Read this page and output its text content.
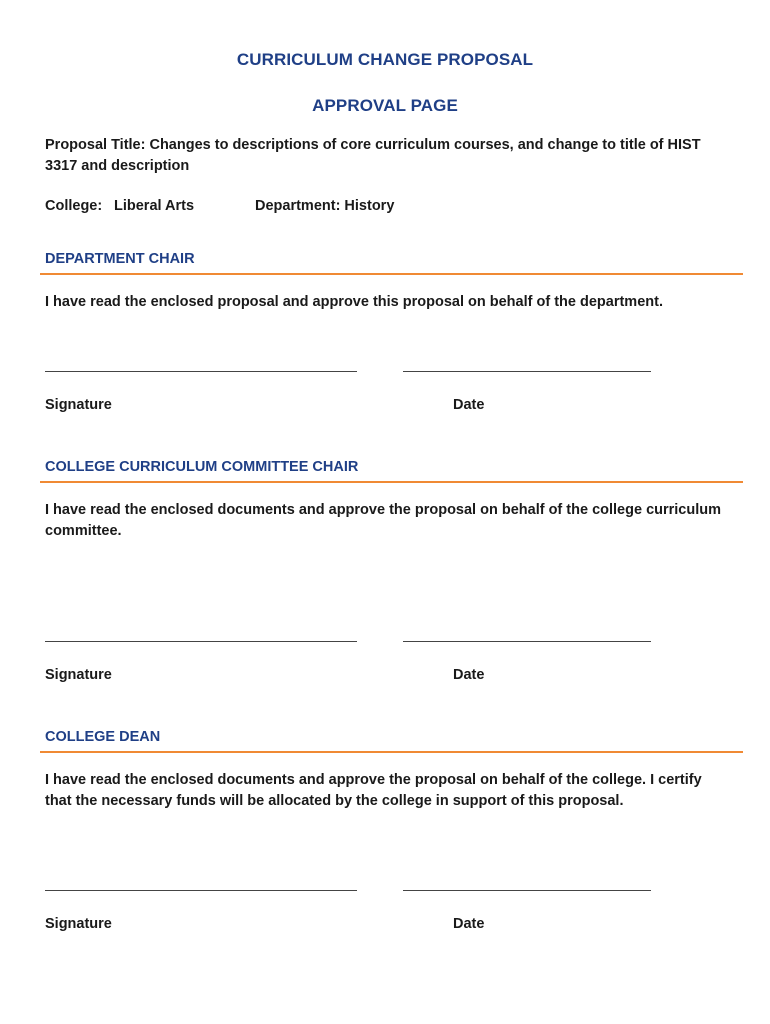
CURRICULUM CHANGE PROPOSAL
APPROVAL PAGE
Proposal Title: Changes to descriptions of core curriculum courses, and change to title of HIST 3317 and description
College: Liberal Arts	Department: History
DEPARTMENT CHAIR
I have read the enclosed proposal and approve this proposal on behalf of the department.
Signature	Date
COLLEGE CURRICULUM COMMITTEE CHAIR
I have read the enclosed documents and approve the proposal on behalf of the college curriculum committee.
Signature	Date
COLLEGE DEAN
I have read the enclosed documents and approve the proposal on behalf of the college. I certify that the necessary funds will be allocated by the college in support of this proposal.
Signature	Date
